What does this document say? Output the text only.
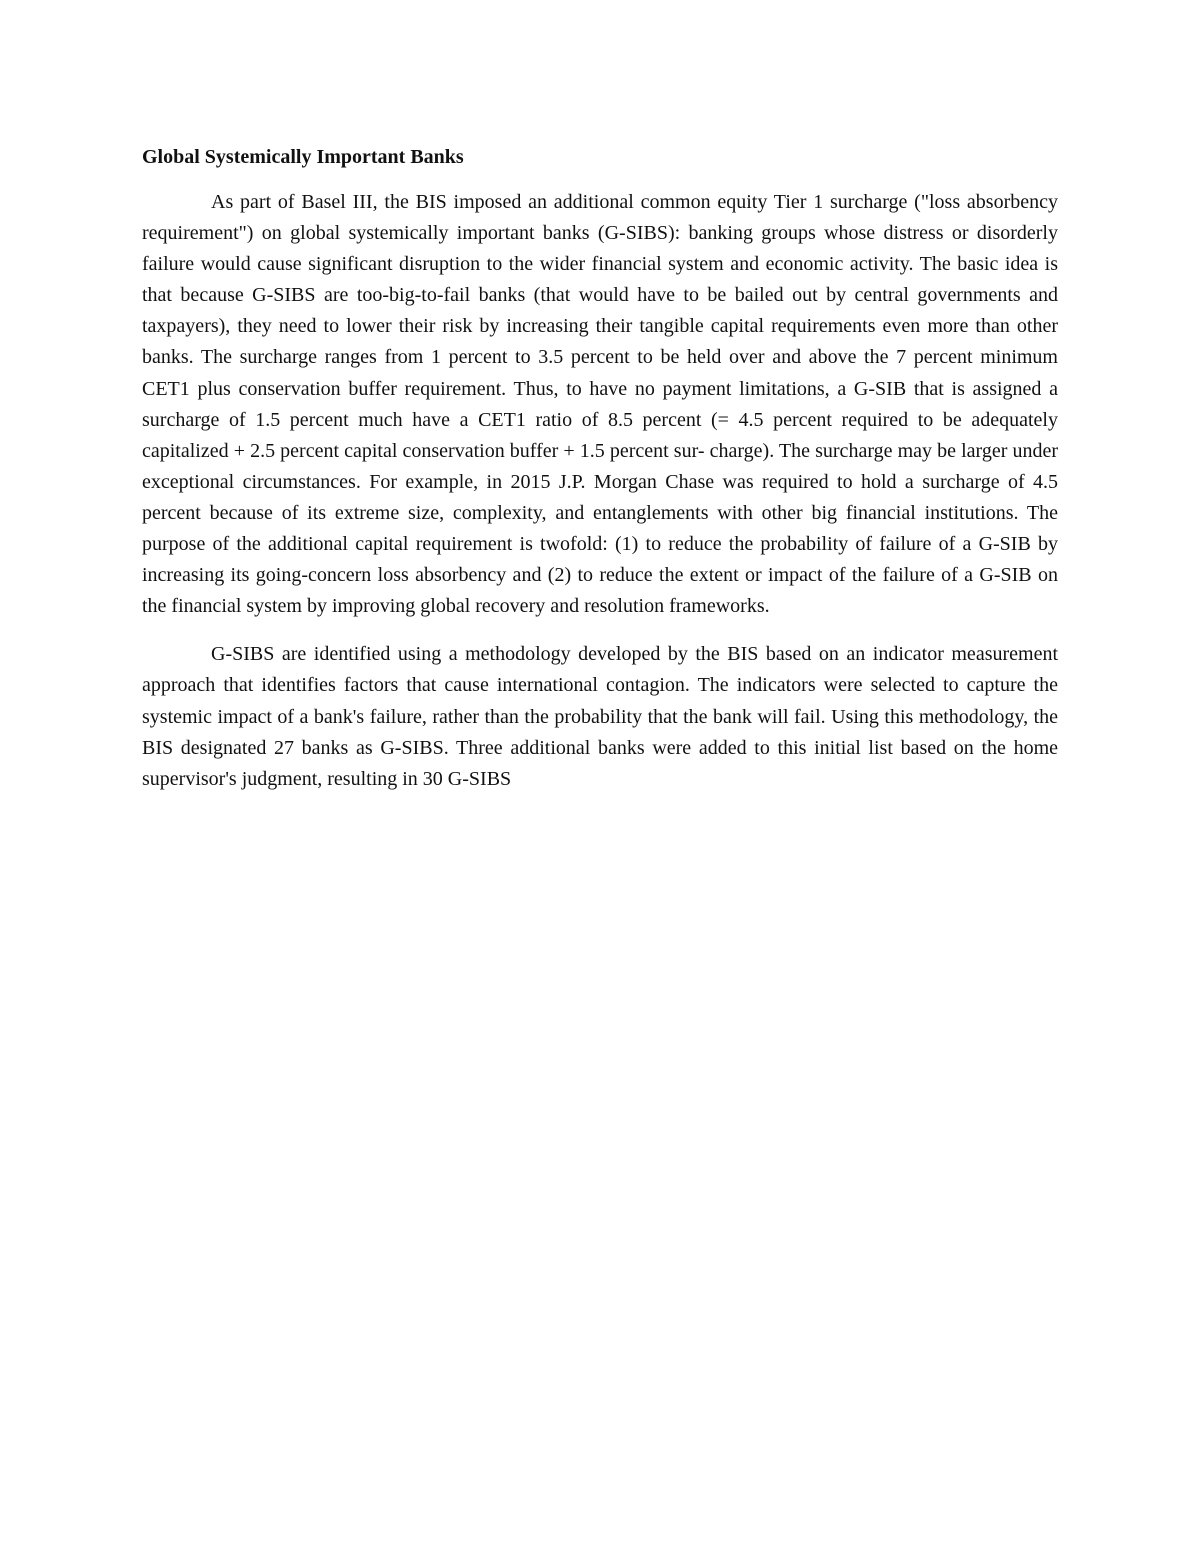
Global Systemically Important Banks

As part of Basel III, the BIS imposed an additional common equity Tier 1 surcharge ("loss absorbency requirement") on global systemically important banks (G-SIBS): banking groups whose distress or disorderly failure would cause significant disruption to the wider financial system and economic activity. The basic idea is that because G-SIBS are too-big-to-fail banks (that would have to be bailed out by central governments and taxpayers), they need to lower their risk by increasing their tangible capital requirements even more than other banks. The surcharge ranges from 1 percent to 3.5 percent to be held over and above the 7 percent minimum CET1 plus conservation buffer requirement. Thus, to have no payment limitations, a G-SIB that is assigned a surcharge of 1.5 percent much have a CET1 ratio of 8.5 percent (= 4.5 percent required to be adequately capitalized + 2.5 percent capital conservation buffer + 1.5 percent sur- charge). The surcharge may be larger under exceptional circumstances. For example, in 2015 J.P. Morgan Chase was required to hold a surcharge of 4.5 percent because of its extreme size, complexity, and entanglements with other big financial institutions. The purpose of the additional capital requirement is twofold: (1) to reduce the probability of failure of a G-SIB by increasing its going-concern loss absorbency and (2) to reduce the extent or impact of the failure of a G-SIB on the financial system by improving global recovery and resolution frameworks.

G-SIBS are identified using a methodology developed by the BIS based on an indicator measurement approach that identifies factors that cause international contagion. The indicators were selected to capture the systemic impact of a bank's failure, rather than the probability that the bank will fail. Using this methodology, the BIS designated 27 banks as G-SIBS. Three additional banks were added to this initial list based on the home supervisor's judgment, resulting in 30 G-SIBS
